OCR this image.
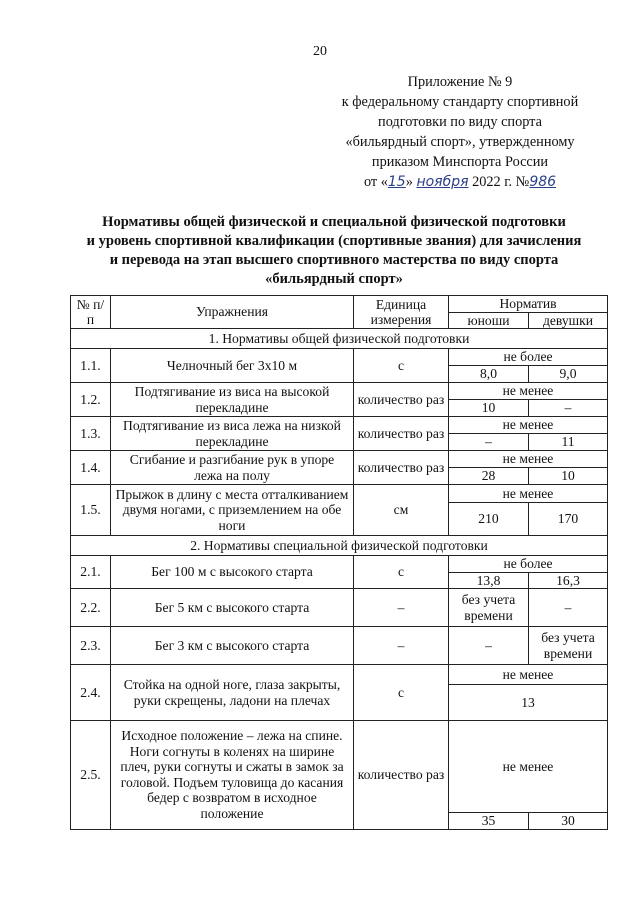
20
Приложение № 9
к федеральному стандарту спортивной
подготовки по виду спорта
«бильярдный спорт», утвержденному
приказом Минспорта России
от «15» ноября 2022 г. №986
Нормативы общей физической и специальной физической подготовки
и уровень спортивной квалификации (спортивные звания) для зачисления
и перевода на этап высшего спортивного мастерства по виду спорта
«бильярдный спорт»
№ п/п	Упражнения	Единица измерения	Норматив	
			юноши	девушки
1. Нормативы общей физической подготовки				
1.1.	Челночный бег 3х10 м	с	не более	
			8,0	9,0
1.2.	Подтягивание из виса на высокой перекладине	количество раз	не менее	
			10	–
1.3.	Подтягивание из виса лежа на низкой перекладине	количество раз	не менее	
			–	11
1.4.	Сгибание и разгибание рук в упоре лежа на полу	количество раз	не менее	
			28	10
1.5.	Прыжок в длину с места отталкиванием двумя ногами, с приземлением на обе ноги	см	не менее	
			210	170
2. Нормативы специальной физической подготовки				
2.1.	Бег 100 м с высокого старта	с	не более	
			13,8	16,3
2.2.	Бег 5 км с высокого старта	–	без учета времени	–
2.3.	Бег 3 км с высокого старта	–	–	без учета времени
2.4.	Стойка на одной ноге, глаза закрыты, руки скрещены, ладони на плечах	с	не менее	
			13	
2.5.	Исходное положение – лежа на спине. Ноги согнуты в коленях на ширине плеч, руки согнуты и сжаты в замок за головой. Подъем туловища до касания бедер с возвратом в исходное положение	количество раз	не менее	
			35	30
